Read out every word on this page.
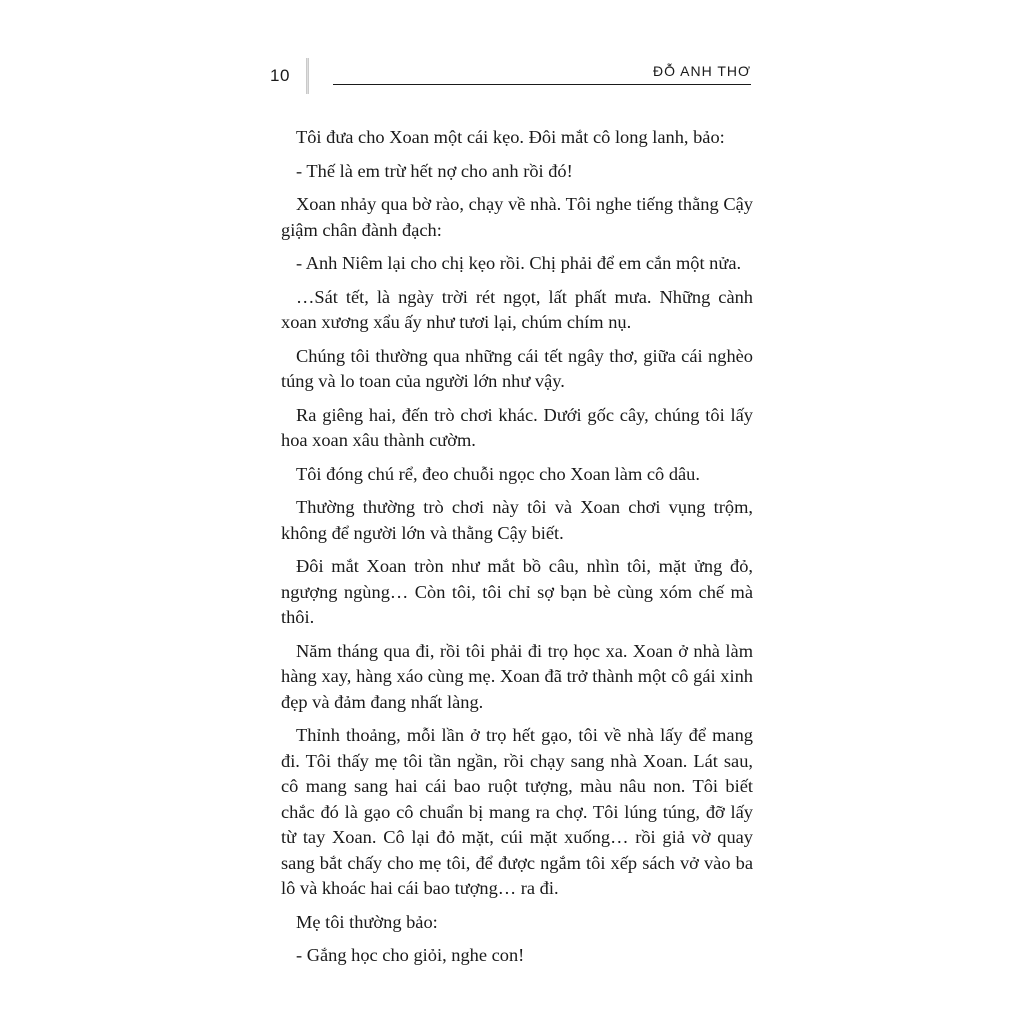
10	ĐỖ ANH THƠ

Tôi đưa cho Xoan một cái kẹo. Đôi mắt cô long lanh, bảo:

- Thế là em trừ hết nợ cho anh rồi đó!

Xoan nhảy qua bờ rào, chạy về nhà. Tôi nghe tiếng thằng Cậy giậm chân đành đạch:

- Anh Niêm lại cho chị kẹo rồi. Chị phải để em cắn một nửa.

…Sát tết, là ngày trời rét ngọt, lất phất mưa. Những cành xoan xương xẩu ấy như tươi lại, chúm chím nụ.

Chúng tôi thường qua những cái tết ngây thơ, giữa cái nghèo túng và lo toan của người lớn như vậy.

Ra giêng hai, đến trò chơi khác. Dưới gốc cây, chúng tôi lấy hoa xoan xâu thành cườm.

Tôi đóng chú rể, đeo chuỗi ngọc cho Xoan làm cô dâu.

Thường thường trò chơi này tôi và Xoan chơi vụng trộm, không để người lớn và thằng Cậy biết.

Đôi mắt Xoan tròn như mắt bồ câu, nhìn tôi, mặt ửng đỏ, ngượng ngùng… Còn tôi, tôi chỉ sợ bạn bè cùng xóm chế mà thôi.

Năm tháng qua đi, rồi tôi phải đi trọ học xa. Xoan ở nhà làm hàng xay, hàng xáo cùng mẹ. Xoan đã trở thành một cô gái xinh đẹp và đảm đang nhất làng.

Thỉnh thoảng, mỗi lần ở trọ hết gạo, tôi về nhà lấy để mang đi. Tôi thấy mẹ tôi tần ngần, rồi chạy sang nhà Xoan. Lát sau, cô mang sang hai cái bao ruột tượng, màu nâu non. Tôi biết chắc đó là gạo cô chuẩn bị mang ra chợ. Tôi lúng túng, đỡ lấy từ tay Xoan. Cô lại đỏ mặt, cúi mặt xuống… rồi giả vờ quay sang bắt chấy cho mẹ tôi, để được ngắm tôi xếp sách vở vào ba lô và khoác hai cái bao tượng… ra đi.

Mẹ tôi thường bảo:

- Gắng học cho giỏi, nghe con!
